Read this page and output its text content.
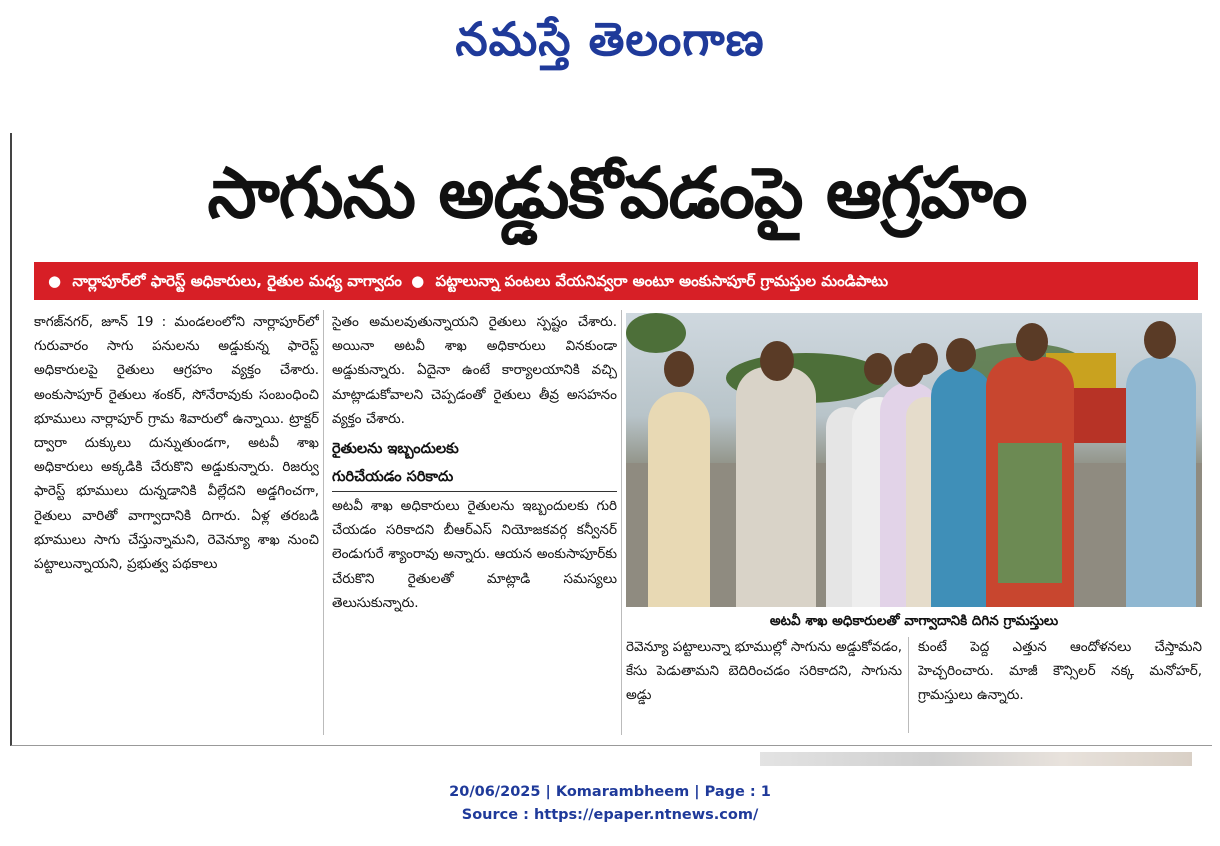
నమస్తే తెలంగాణ
సాగును అడ్డుకోవడంపై ఆగ్రహం
● నార్లాపూర్‌లో ఫారెస్ట్ అధికారులు, రైతుల మధ్య వాగ్వాదం ● పట్టాలున్నా పంటలు వేయనివ్వరా అంటూ అంకుసాపూర్ గ్రామస్తుల మండిపాటు

కాగజ్‌నగర్, జూన్ 19 : మండలంలోని నార్లాపూర్‌లో గురువారం సాగు పనులను అడ్డుకున్న ఫారెస్ట్ అధికారులపై రైతులు ఆగ్రహం వ్యక్తం చేశారు. అంకుసాపూర్ రైతులు శంకర్, సోనేరావుకు సంబంధించి భూములు నార్లాపూర్ గ్రామ శివారులో ఉన్నాయి. ట్రాక్టర్ ద్వారా దుక్కులు దున్నుతుండగా, అటవీ శాఖ అధికారులు అక్కడికి చేరుకొని అడ్డుకున్నారు. రిజర్వు ఫారెస్ట్ భూములు దున్నడానికి వీల్లేదని అడ్డగించగా, రైతులు వారితో వాగ్వాదానికి దిగారు. ఏళ్ల తరబడి భూములు సాగు చేస్తున్నామని, రెవెన్యూ శాఖ నుంచి పట్టాలున్నాయని, ప్రభుత్వ పథకాలు

సైతం అమలవుతున్నాయని రైతులు స్పష్టం చేశారు. అయినా అటవీ శాఖ అధికారులు వినకుండా అడ్డుకున్నారు. ఏదైనా ఉంటే కార్యాలయానికి వచ్చి మాట్లాడుకోవాలని చెప్పడంతో రైతులు తీవ్ర అసహనం వ్యక్తం చేశారు.

రైతులను ఇబ్బందులకు
గురిచేయడం సరికాదు

అటవీ శాఖ అధికారులు రైతులను ఇబ్బందులకు గురి చేయడం సరికాదని బీఆర్‌ఎస్ నియోజకవర్గ కన్వీనర్ లెండుగురే శ్యాంరావు అన్నారు. ఆయన అంకుసాపూర్‌కు చేరుకొని రైతులతో మాట్లాడి సమస్యలు తెలుసుకున్నారు.

అటవీ శాఖ అధికారులతో వాగ్వాదానికి దిగిన గ్రామస్తులు

రెవెన్యూ పట్టాలున్నా భూముల్లో సాగును అడ్డుకోవడం, కేసు పెడుతామని బెదిరించడం సరికాదని, సాగును అడ్డు

కుంటే పెద్ద ఎత్తున ఆందోళనలు చేస్తామని హెచ్చరించారు. మాజీ కౌన్సిలర్ నక్క మనోహర్, గ్రామస్తులు ఉన్నారు.

20/06/2025 | Komarambheem | Page : 1
Source : https://epaper.ntnews.com/
